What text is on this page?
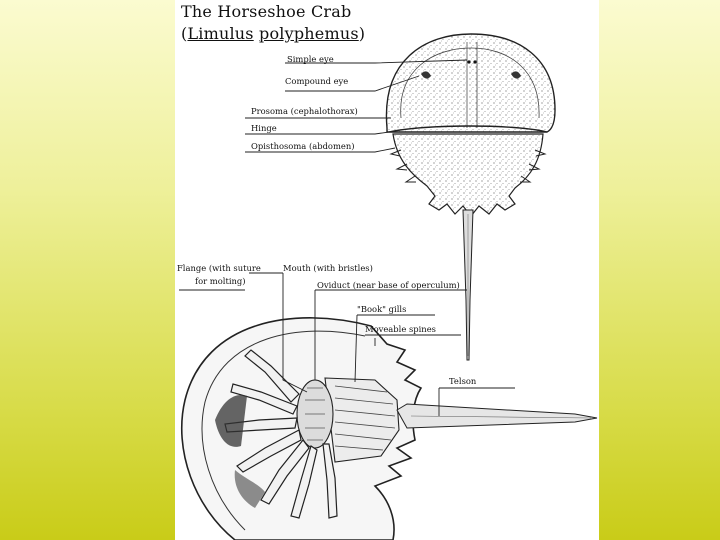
The Horseshoe Crab
(Limulus polyphemus)
Simple eye
Compound eye
Prosoma (cephalothorax)
Hinge
Opisthosoma (abdomen)
Flange (with suture
for molting)
Mouth (with bristles)
Oviduct (near base of operculum)
"Book" gills
Moveable spines
Telson
